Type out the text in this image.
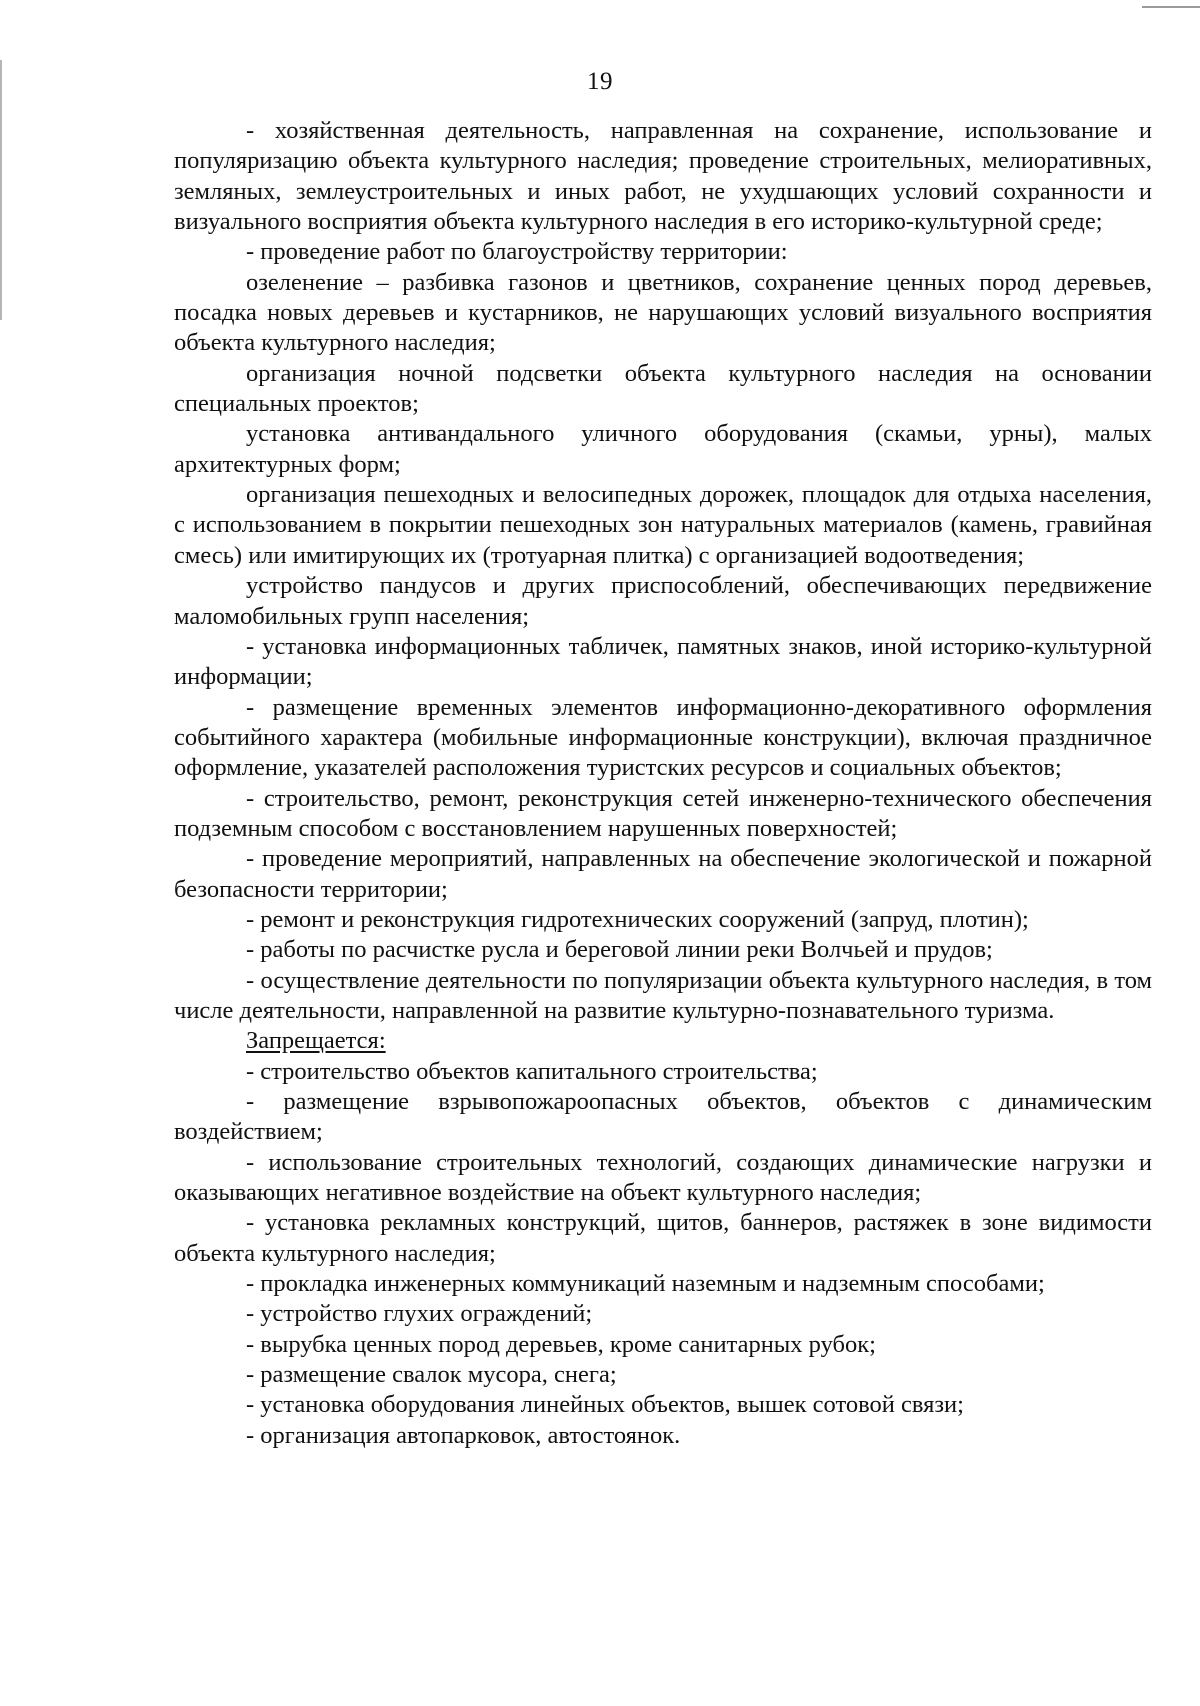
19

- хозяйственная деятельность, направленная на сохранение, использование и популяризацию объекта культурного наследия; проведение строительных, мелиоративных, земляных, землеустроительных и иных работ, не ухудшающих условий сохранности и визуального восприятия объекта культурного наследия в его историко-культурной среде;

- проведение работ по благоустройству территории:

озеленение – разбивка газонов и цветников, сохранение ценных пород деревьев, посадка новых деревьев и кустарников, не нарушающих условий визуального восприятия объекта культурного наследия;

организация ночной подсветки объекта культурного наследия на основании специальных проектов;

установка антивандального уличного оборудования (скамьи, урны), малых архитектурных форм;

организация пешеходных и велосипедных дорожек, площадок для отдыха населения, с использованием в покрытии пешеходных зон натуральных материалов (камень, гравийная смесь) или имитирующих их (тротуарная плитка) с организацией водоотведения;

устройство пандусов и других приспособлений, обеспечивающих передвижение маломобильных групп населения;

- установка информационных табличек, памятных знаков, иной историко-культурной информации;

- размещение временных элементов информационно-декоративного оформления событийного характера (мобильные информационные конструкции), включая праздничное оформление, указателей расположения туристских ресурсов и социальных объектов;

- строительство, ремонт, реконструкция сетей инженерно-технического обеспечения подземным способом с восстановлением нарушенных поверхностей;

- проведение мероприятий, направленных на обеспечение экологической и пожарной безопасности территории;

- ремонт и реконструкция гидротехнических сооружений (запруд, плотин);

- работы по расчистке русла и береговой линии реки Волчьей и прудов;

- осуществление деятельности по популяризации объекта культурного наследия, в том числе деятельности, направленной на развитие культурно-познавательного туризма.

Запрещается:

- строительство объектов капитального строительства;

- размещение взрывопожароопасных объектов, объектов с динамическим воздействием;

- использование строительных технологий, создающих динамические нагрузки и оказывающих негативное воздействие на объект культурного наследия;

- установка рекламных конструкций, щитов, баннеров, растяжек в зоне видимости объекта культурного наследия;

- прокладка инженерных коммуникаций наземным и надземным способами;

- устройство глухих ограждений;

- вырубка ценных пород деревьев, кроме санитарных рубок;

- размещение свалок мусора, снега;

- установка оборудования линейных объектов, вышек сотовой связи;

- организация автопарковок, автостоянок.
